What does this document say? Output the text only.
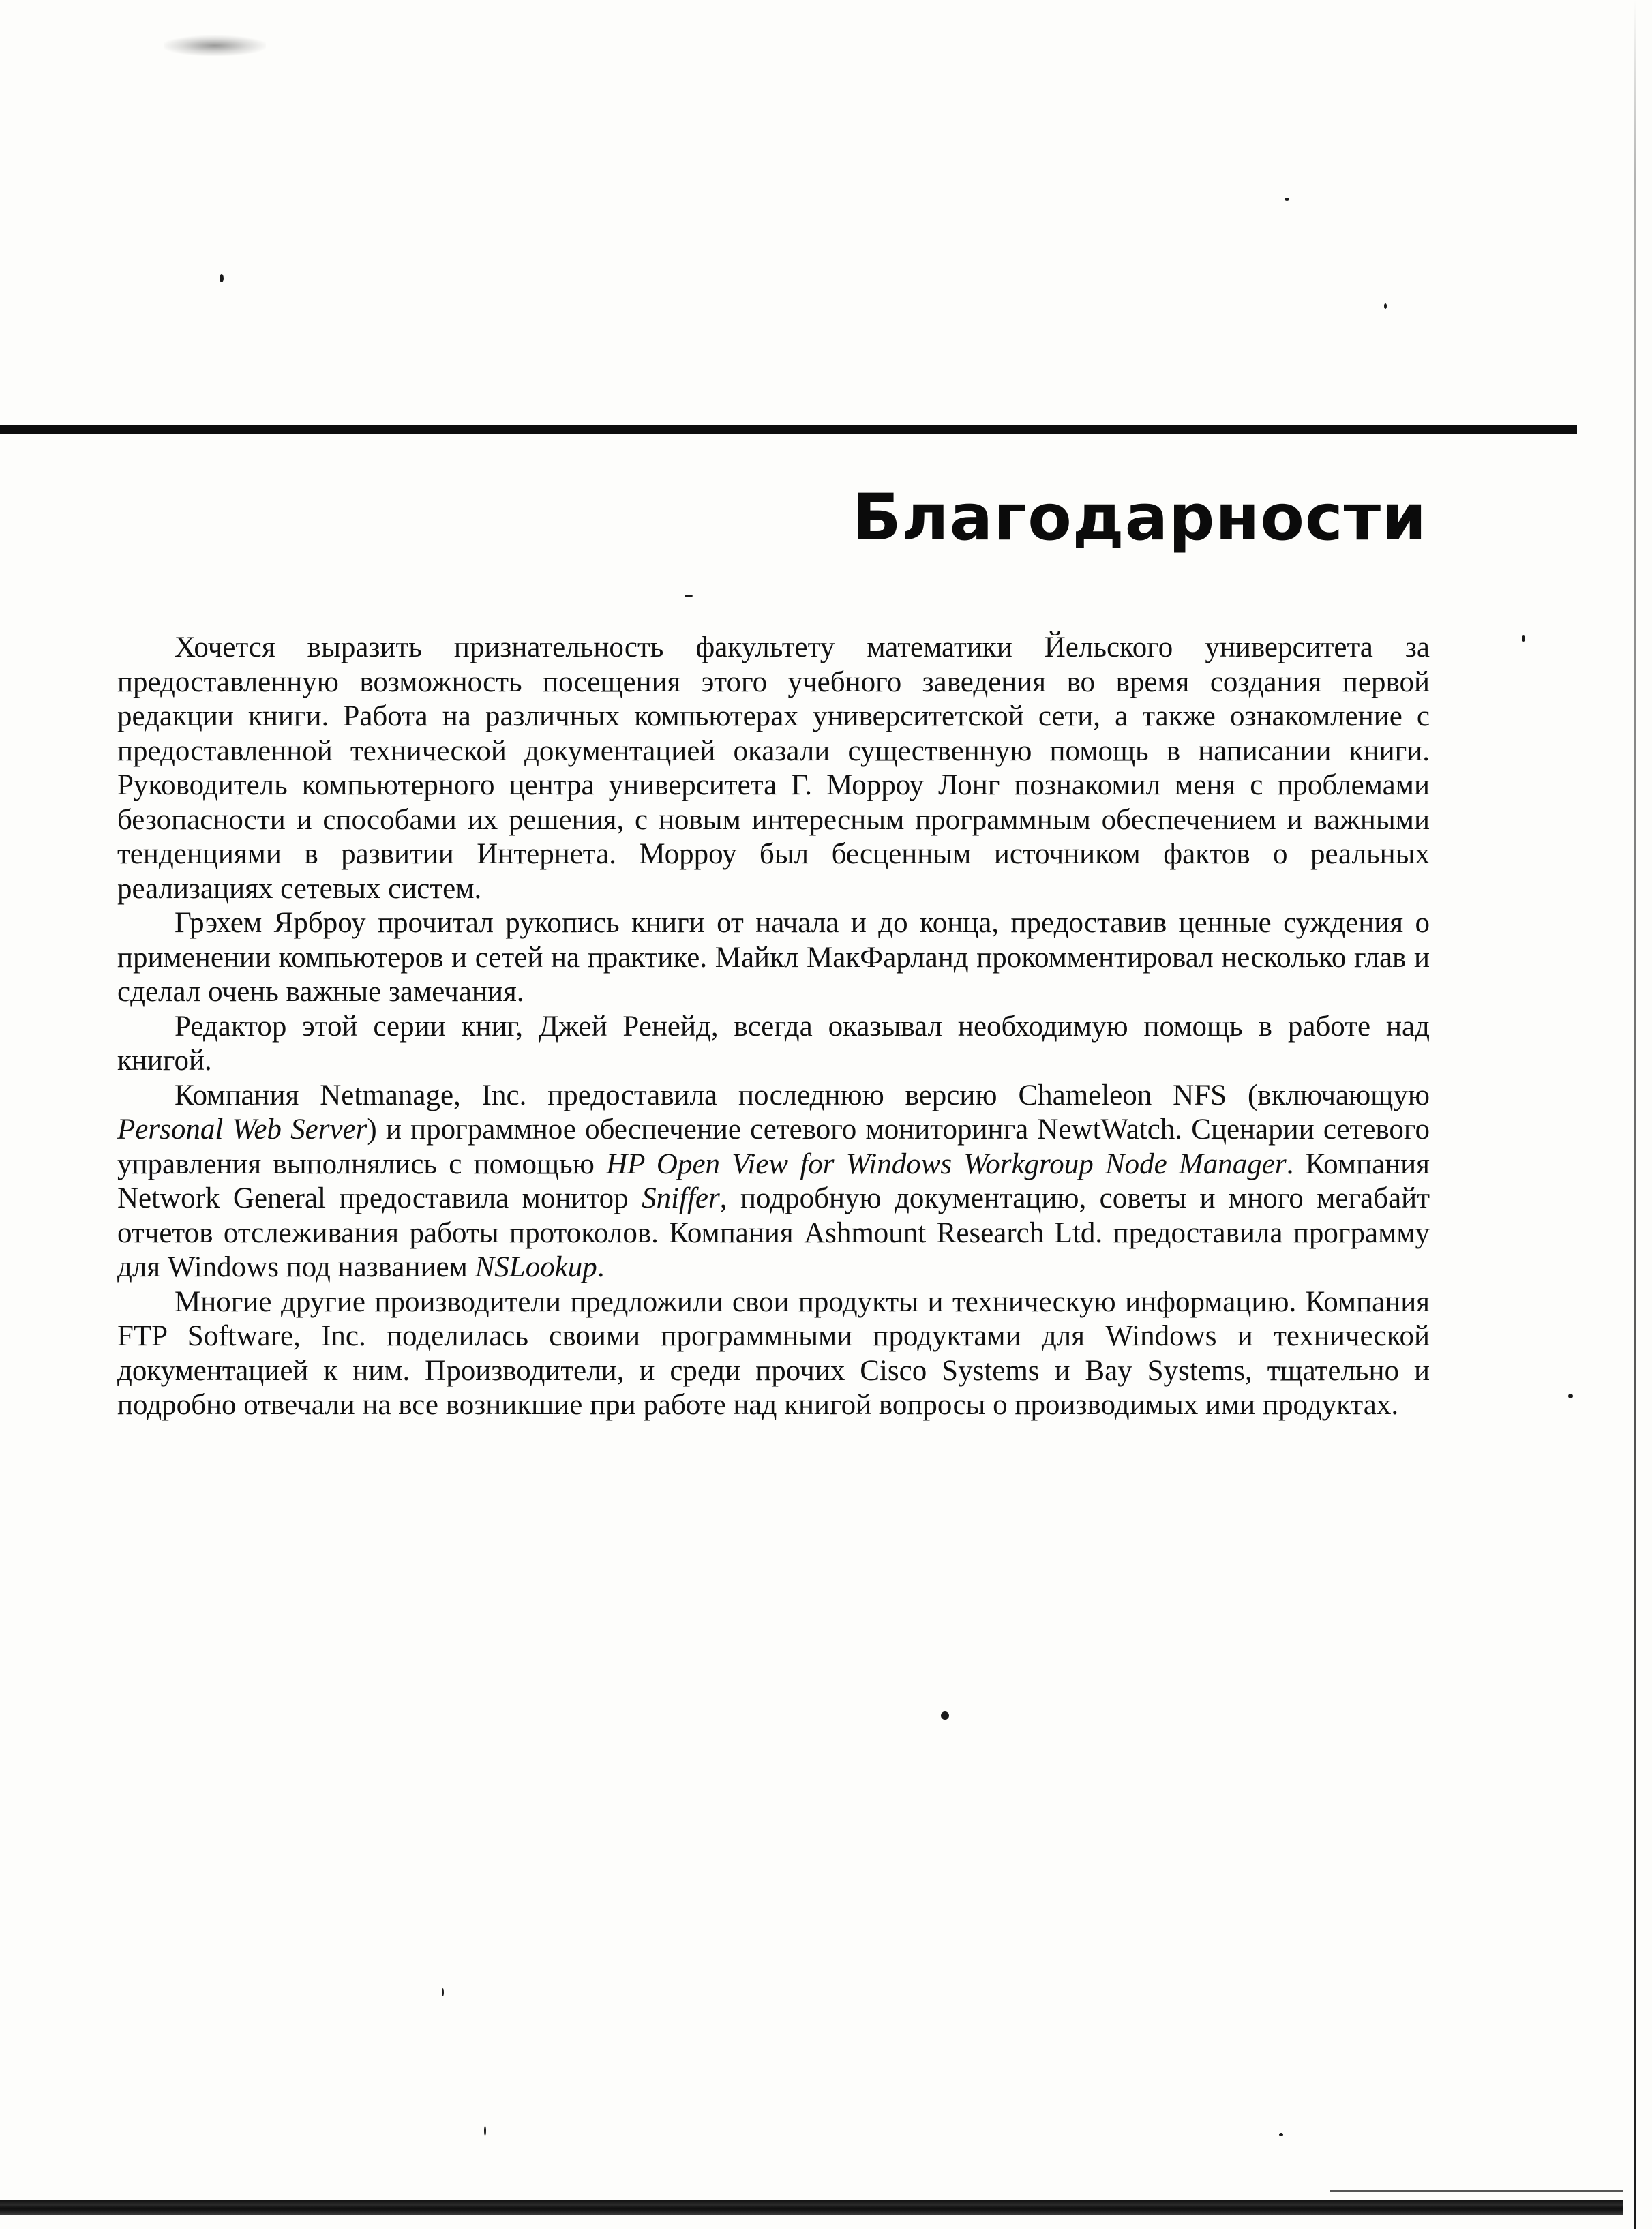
Благодарности

Хочется выразить признательность факультету математики Йельского университета за предоставленную возможность посещения этого учебного заведения во время создания первой редакции книги. Работа на различных компьютерах университетской сети, а также ознакомление с предоставленной технической документацией оказали существенную помощь в написании книги. Руководитель компьютерного центра университета Г. Морроу Лонг познакомил меня с проблемами безопасности и способами их решения, с новым интересным программным обеспечением и важными тенденциями в развитии Интернета. Морроу был бесценным источником фактов о реальных реализациях сетевых систем.

Грэхем Ярброу прочитал рукопись книги от начала и до конца, предоставив ценные суждения о применении компьютеров и сетей на практике. Майкл МакФарланд прокомментировал несколько глав и сделал очень важные замечания.

Редактор этой серии книг, Джей Ренейд, всегда оказывал необходимую помощь в работе над книгой.

Компания Netmanage, Inc. предоставила последнюю версию Chameleon NFS (включающую Personal Web Server) и программное обеспечение сетевого мониторинга NewtWatch. Сценарии сетевого управления выполнялись с помощью HP Open View for Windows Workgroup Node Manager. Компания Network General предоставила монитор Sniffer, подробную документацию, советы и много мегабайт отчетов отслеживания работы протоколов. Компания Ashmount Research Ltd. предоставила программу для Windows под названием NSLookup.

Многие другие производители предложили свои продукты и техническую информацию. Компания FTP Software, Inc. поделилась своими программными продуктами для Windows и технической документацией к ним. Производители, и среди прочих Cisco Systems и Bay Systems, тщательно и подробно отвечали на все возникшие при работе над книгой вопросы о производимых ими продуктах.
